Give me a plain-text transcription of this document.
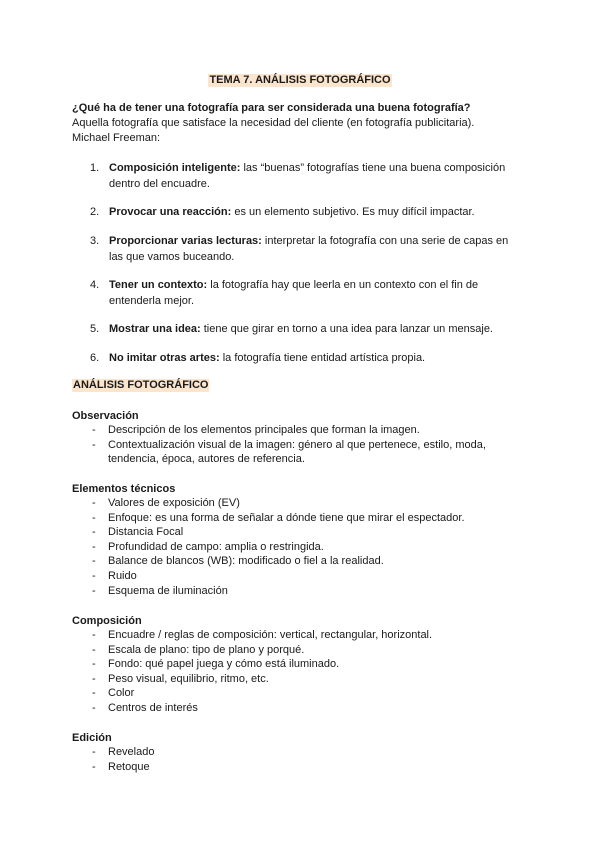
TEMA 7. ANÁLISIS FOTOGRÁFICO
¿Qué ha de tener una fotografía para ser considerada una buena fotografía?
Aquella fotografía que satisface la necesidad del cliente (en fotografía publicitaria). Michael Freeman:
1. Composición inteligente: las “buenas” fotografías tiene una buena composición dentro del encuadre.
2. Provocar una reacción: es un elemento subjetivo. Es muy difícil impactar.
3. Proporcionar varias lecturas: interpretar la fotografía con una serie de capas en las que vamos buceando.
4. Tener un contexto: la fotografía hay que leerla en un contexto con el fin de entenderla mejor.
5. Mostrar una idea: tiene que girar en torno a una idea para lanzar un mensaje.
6. No imitar otras artes: la fotografía tiene entidad artística propia.
ANÁLISIS FOTOGRÁFICO
Observación
- Descripción de los elementos principales que forman la imagen.
- Contextualización visual de la imagen: género al que pertenece, estilo, moda, tendencia, época, autores de referencia.
Elementos técnicos
- Valores de exposición (EV)
- Enfoque: es una forma de señalar a dónde tiene que mirar el espectador.
- Distancia Focal
- Profundidad de campo: amplia o restringida.
- Balance de blancos (WB): modificado o fiel a la realidad.
- Ruido
- Esquema de iluminación
Composición
- Encuadre / reglas de composición: vertical, rectangular, horizontal.
- Escala de plano: tipo de plano y porqué.
- Fondo: qué papel juega y cómo está iluminado.
- Peso visual, equilibrio, ritmo, etc.
- Color
- Centros de interés
Edición
- Revelado
- Retoque
